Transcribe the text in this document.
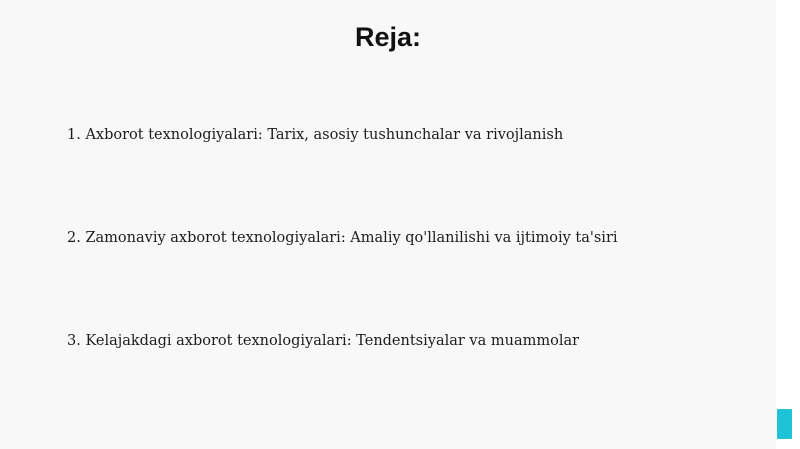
Reja:
1. Axborot texnologiyalari: Tarix, asosiy tushunchalar va rivojlanish
2. Zamonaviy axborot texnologiyalari: Amaliy qo'llanilishi va ijtimoiy ta'siri
3. Kelajakdagi axborot texnologiyalari: Tendentsiyalar va muammolar
